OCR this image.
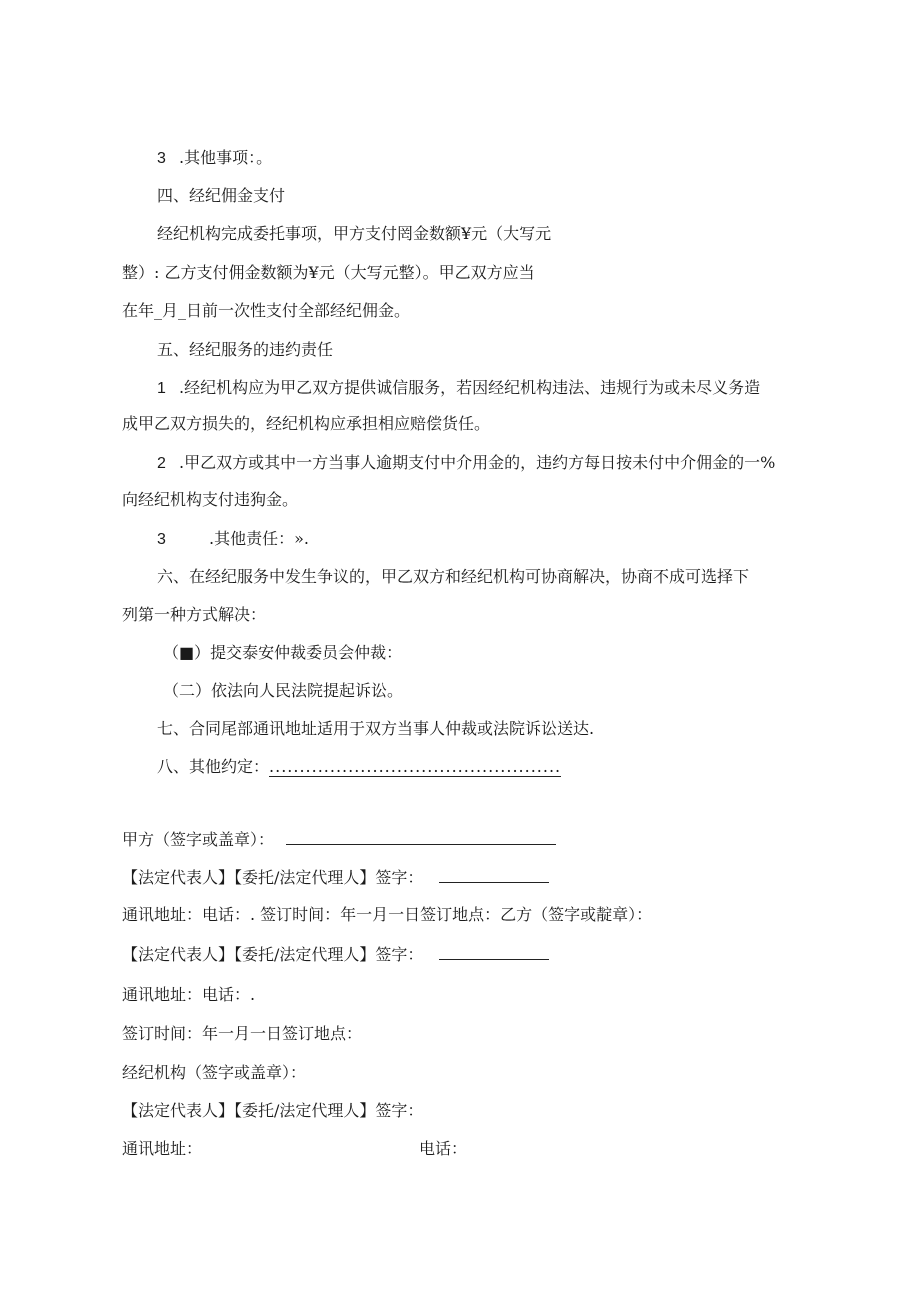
3 .其他事项：。
四、经纪佣金支付
经纪机构完成委托事项，甲方支付罔金数额¥元（大写元
整）: 乙方支付佣金数额为¥元（大写元整）。甲乙双方应当
在年_月_日前一次性支付全部经纪佣金。
五、经纪服务的违约责任
1 .经纪机构应为甲乙双方提供诚信服务，若因经纪机构违法、违规行为或未尽义务造
成甲乙双方损失的，经纪机构应承担相应赔偿货任。
2 .甲乙双方或其中一方当事人逾期支付中介用金的，违约方每日按未付中介佣金的一%
向经纪机构支付违狗金。
3	.其他责任：».
六、在经纪服务中发生争议的，甲乙双方和经纪机构可协商解决，协商不成可选择下
列第一种方式解决：
（■）提交泰安仲裁委员会仲裁：
（二）依法向人民法院提起诉讼。
七、合同尾部通讯地址适用于双方当事人仲裁或法院诉讼送达.
八、其他约定：................................................
甲方（签字或盖章）：
【法定代表人】【委托/法定代理人】签字：
通讯地址：电话：. 签订时间：年一月一日签订地点：乙方（签字或靛章）：
【法定代表人】【委托/法定代理人】签字：
通讯地址：电话：.
签订时间：年一月一日签订地点：
经纪机构（签字或盖章）：
【法定代表人】【委托/法定代理人】签字：
通讯地址：	电话：
